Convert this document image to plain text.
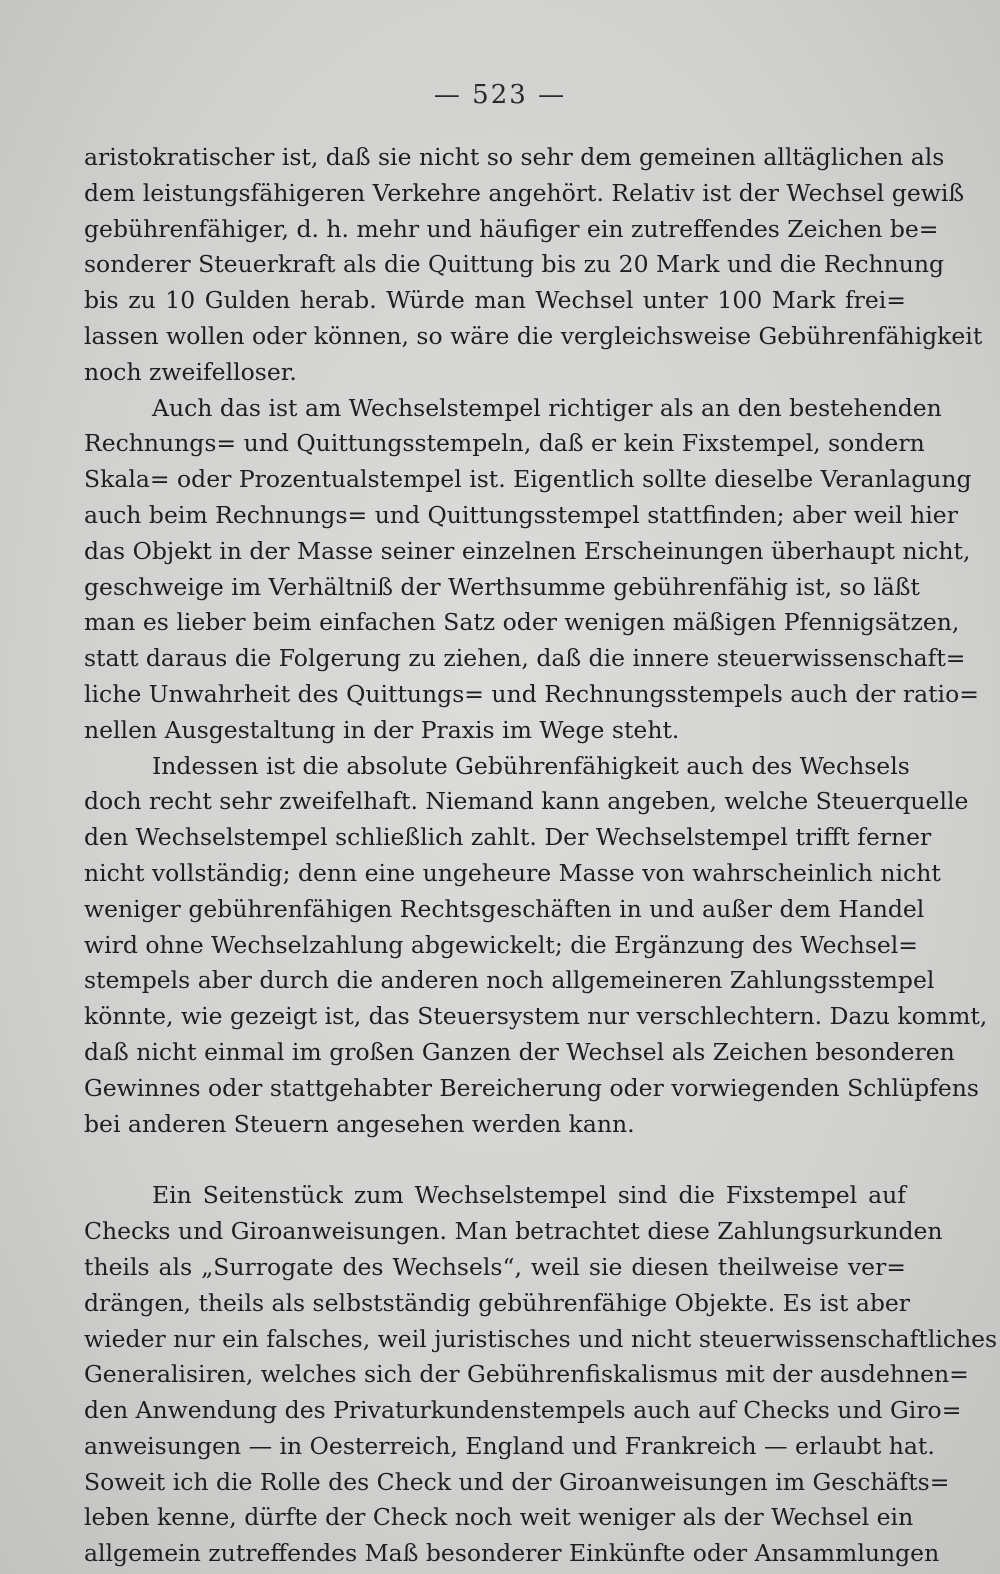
— 523 —
aristokratischer ist, daß sie nicht so sehr dem gemeinen alltäglichen als
dem leistungsfähigeren Verkehre angehört. Relativ ist der Wechsel gewiß
gebührenfähiger, d. h. mehr und häufiger ein zutreffendes Zeichen be=
sonderer Steuerkraft als die Quittung bis zu 20 Mark und die Rechnung
bis zu 10 Gulden herab. Würde man Wechsel unter 100 Mark frei=
lassen wollen oder können, so wäre die vergleichsweise Gebührenfähigkeit
noch zweifelloser.
Auch das ist am Wechselstempel richtiger als an den bestehenden
Rechnungs= und Quittungsstempeln, daß er kein Fixstempel, sondern
Skala= oder Prozentualstempel ist. Eigentlich sollte dieselbe Veranlagung
auch beim Rechnungs= und Quittungsstempel stattfinden; aber weil hier
das Objekt in der Masse seiner einzelnen Erscheinungen überhaupt nicht,
geschweige im Verhältniß der Werthsumme gebührenfähig ist, so läßt
man es lieber beim einfachen Satz oder wenigen mäßigen Pfennigsätzen,
statt daraus die Folgerung zu ziehen, daß die innere steuerwissenschaft=
liche Unwahrheit des Quittungs= und Rechnungsstempels auch der ratio=
nellen Ausgestaltung in der Praxis im Wege steht.
Indessen ist die absolute Gebührenfähigkeit auch des Wechsels
doch recht sehr zweifelhaft. Niemand kann angeben, welche Steuerquelle
den Wechselstempel schließlich zahlt. Der Wechselstempel trifft ferner
nicht vollständig; denn eine ungeheure Masse von wahrscheinlich nicht
weniger gebührenfähigen Rechtsgeschäften in und außer dem Handel
wird ohne Wechselzahlung abgewickelt; die Ergänzung des Wechsel=
stempels aber durch die anderen noch allgemeineren Zahlungsstempel
könnte, wie gezeigt ist, das Steuersystem nur verschlechtern. Dazu kommt,
daß nicht einmal im großen Ganzen der Wechsel als Zeichen besonderen
Gewinnes oder stattgehabter Bereicherung oder vorwiegenden Schlüpfens
bei anderen Steuern angesehen werden kann.
Ein Seitenstück zum Wechselstempel sind die Fixstempel auf
Checks und Giroanweisungen. Man betrachtet diese Zahlungsurkunden
theils als „Surrogate des Wechsels“, weil sie diesen theilweise ver=
drängen, theils als selbstständig gebührenfähige Objekte. Es ist aber
wieder nur ein falsches, weil juristisches und nicht steuerwissenschaftliches
Generalisiren, welches sich der Gebührenfiskalismus mit der ausdehnen=
den Anwendung des Privaturkundenstempels auch auf Checks und Giro=
anweisungen — in Oesterreich, England und Frankreich — erlaubt hat.
Soweit ich die Rolle des Check und der Giroanweisungen im Geschäfts=
leben kenne, dürfte der Check noch weit weniger als der Wechsel ein
allgemein zutreffendes Maß besonderer Einkünfte oder Ansammlungen
